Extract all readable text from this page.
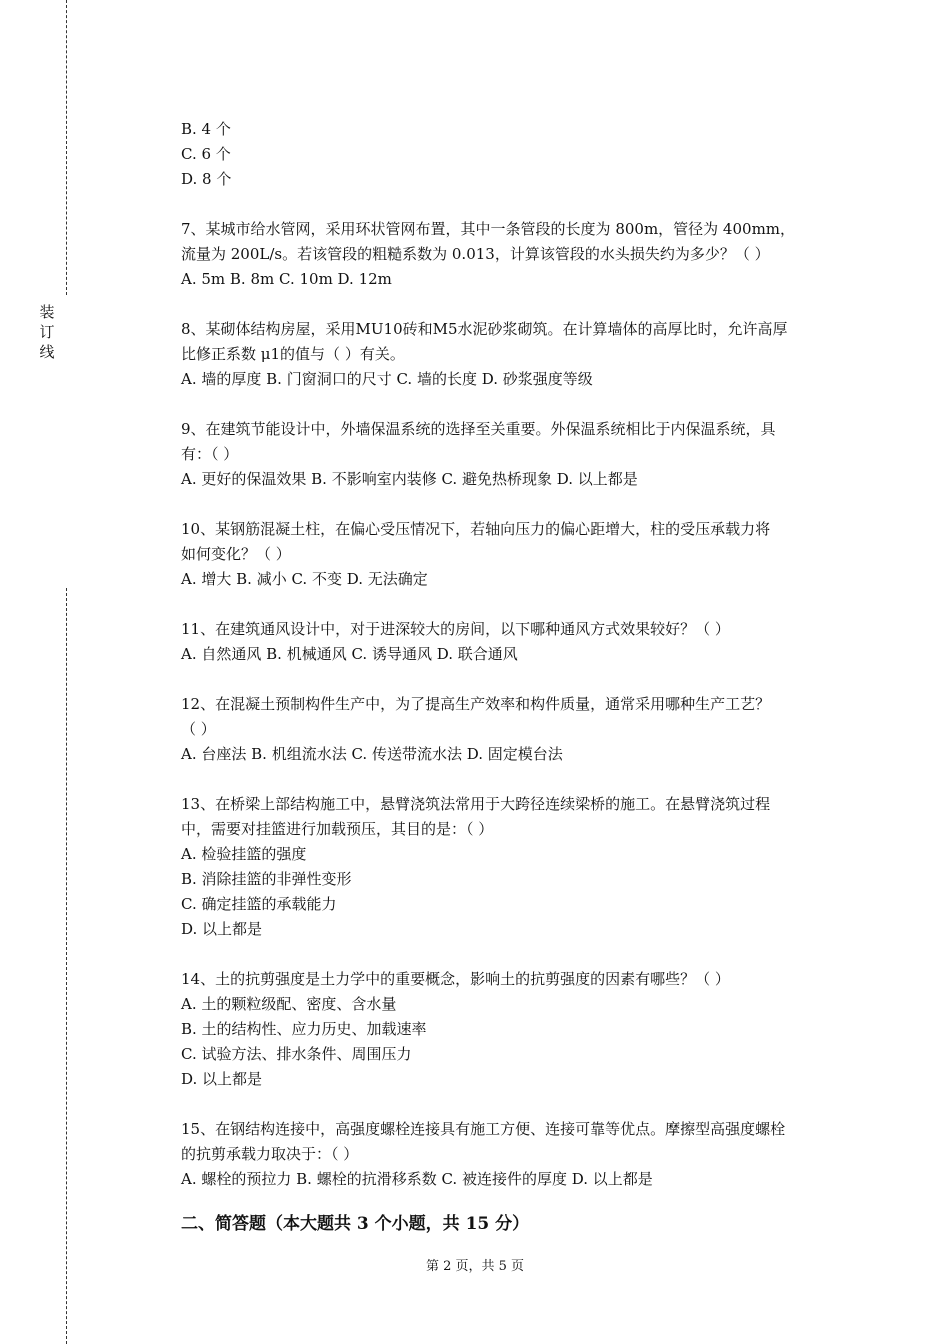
装
订
线
B. 4 个
C. 6 个
D. 8 个
7、某城市给水管网，采用环状管网布置，其中一条管段的长度为 800m，管径为 400mm，
流量为 200L/s。若该管段的粗糙系数为 0.013，计算该管段的水头损失约为多少？（ ）
A. 5m B. 8m C. 10m D. 12m
8、某砌体结构房屋，采用MU10砖和M5水泥砂浆砌筑。在计算墙体的高厚比时，允许高厚
比修正系数 μ1的值与（ ）有关。
A. 墙的厚度 B. 门窗洞口的尺寸 C. 墙的长度 D. 砂浆强度等级
9、在建筑节能设计中，外墙保温系统的选择至关重要。外保温系统相比于内保温系统，具
有：（ ）
A. 更好的保温效果 B. 不影响室内装修 C. 避免热桥现象 D. 以上都是
10、某钢筋混凝土柱，在偏心受压情况下，若轴向压力的偏心距增大，柱的受压承载力将
如何变化？（ ）
A. 增大 B. 减小 C. 不变 D. 无法确定
11、在建筑通风设计中，对于进深较大的房间，以下哪种通风方式效果较好？（ ）
A. 自然通风 B. 机械通风 C. 诱导通风 D. 联合通风
12、在混凝土预制构件生产中，为了提高生产效率和构件质量，通常采用哪种生产工艺？
（ ）
A. 台座法 B. 机组流水法 C. 传送带流水法 D. 固定模台法
13、在桥梁上部结构施工中，悬臂浇筑法常用于大跨径连续梁桥的施工。在悬臂浇筑过程
中，需要对挂篮进行加载预压，其目的是：（ ）
A. 检验挂篮的强度
B. 消除挂篮的非弹性变形
C. 确定挂篮的承载能力
D. 以上都是
14、土的抗剪强度是土力学中的重要概念，影响土的抗剪强度的因素有哪些？（ ）
A. 土的颗粒级配、密度、含水量
B. 土的结构性、应力历史、加载速率
C. 试验方法、排水条件、周围压力
D. 以上都是
15、在钢结构连接中，高强度螺栓连接具有施工方便、连接可靠等优点。摩擦型高强度螺栓
的抗剪承载力取决于：（ ）
A. 螺栓的预拉力 B. 螺栓的抗滑移系数 C. 被连接件的厚度 D. 以上都是
二、简答题（本大题共 3 个小题，共 15 分）
第 2 页，共 5 页
